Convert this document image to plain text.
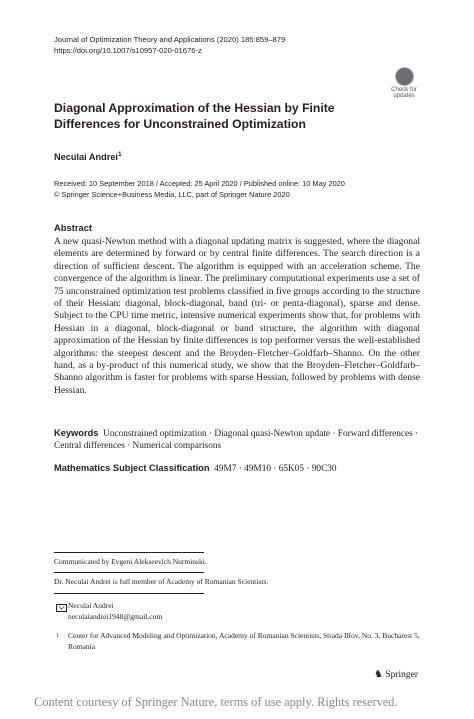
Journal of Optimization Theory and Applications (2020) 185:859–879
https://doi.org/10.1007/s10957-020-01676-z
Check for updates
Diagonal Approximation of the Hessian by Finite Differences for Unconstrained Optimization
Neculai Andrei$^1$
Received: 10 September 2018 / Accepted: 25 April 2020 / Published online: 10 May 2020
© Springer Science+Business Media, LLC, part of Springer Nature 2020
Abstract
A new quasi-Newton method with a diagonal updating matrix is suggested, where the diagonal elements are determined by forward or by central finite differences. The search direction is a direction of sufficient descent. The algorithm is equipped with an acceleration scheme. The convergence of the algorithm is linear. The preliminary computational experiments use a set of 75 unconstrained optimization test problems classified in five groups according to the structure of their Hessian: diagonal, block-diagonal, band (tri- or penta-diagonal), sparse and dense. Subject to the CPU time metric, intensive numerical experiments show that, for problems with Hessian in a diagonal, block-diagonal or band structure, the algorithm with diagonal approximation of the Hessian by finite differences is top performer versus the well-established algorithms: the steepest descent and the Broyden–Fletcher–Goldfarb–Shanno. On the other hand, as a by-product of this numerical study, we show that the Broyden–Fletcher–Goldfarb–Shanno algorithm is faster for problems with sparse Hessian, followed by problems with dense Hessian.
Keywords Unconstrained optimization · Diagonal quasi-Newton update · Forward differences · Central differences · Numerical comparisons
Mathematics Subject Classification 49M7 · 49M10 · 65K05 · 90C30
Communicated by Evgeni Alekseevich Nurminski.
Dr. Neculai Andrei is full member of Academy of Romanian Scientists.
Neculai Andrei
neculaiandrei1948@gmail.com
1 Center for Advanced Modeling and Optimization, Academy of Romanian Scientists, Strada Ilfov, No. 3, Bucharest 5, Romania
♞ Springer
Content courtesy of Springer Nature, terms of use apply. Rights reserved.
